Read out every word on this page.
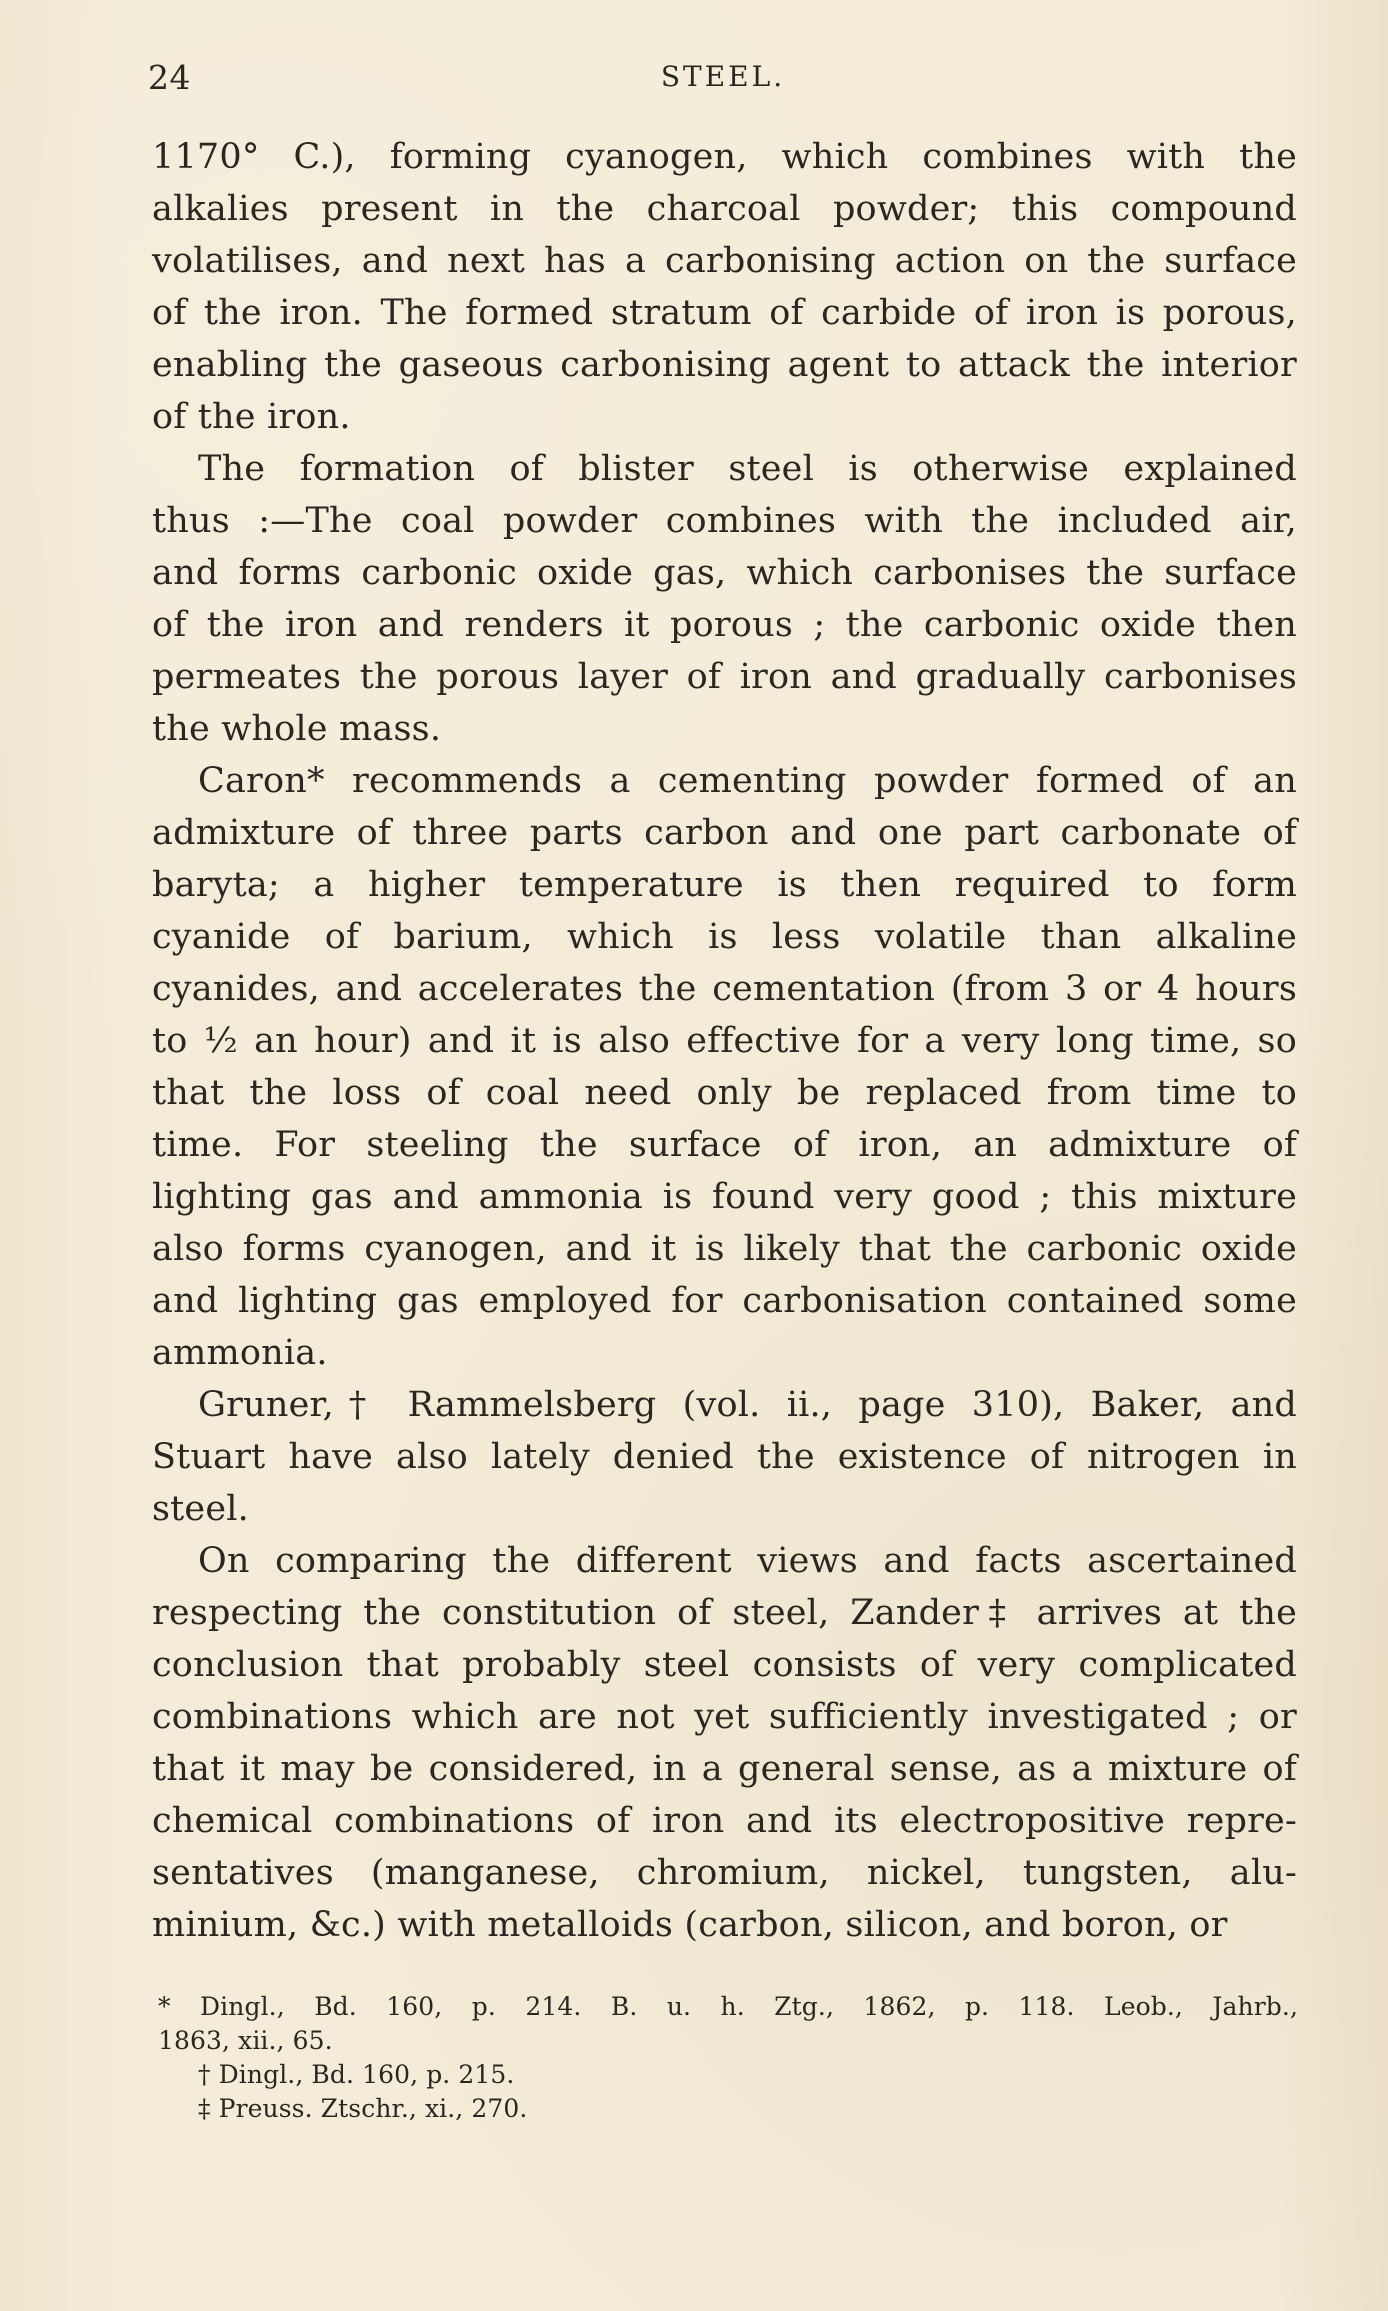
24	STEEL.
1170° C.), forming cyanogen, which combines with the
alkalies present in the charcoal powder; this compound
volatilises, and next has a carbonising action on the surface
of the iron. The formed stratum of carbide of iron is porous,
enabling the gaseous carbonising agent to attack the interior
of the iron.
The formation of blister steel is otherwise explained
thus :—The coal powder combines with the included air,
and forms carbonic oxide gas, which carbonises the surface
of the iron and renders it porous ; the carbonic oxide then
permeates the porous layer of iron and gradually carbonises
the whole mass.
Caron* recommends a cementing powder formed of an
admixture of three parts carbon and one part carbonate of
baryta; a higher temperature is then required to form
cyanide of barium, which is less volatile than alkaline
cyanides, and accelerates the cementation (from 3 or 4 hours
to ½ an hour) and it is also effective for a very long time, so
that the loss of coal need only be replaced from time to
time. For steeling the surface of iron, an admixture of
lighting gas and ammonia is found very good ; this mixture
also forms cyanogen, and it is likely that the carbonic oxide
and lighting gas employed for carbonisation contained some
ammonia.
Gruner,† Rammelsberg (vol. ii., page 310), Baker, and
Stuart have also lately denied the existence of nitrogen in
steel.
On comparing the different views and facts ascertained
respecting the constitution of steel, Zander‡ arrives at the
conclusion that probably steel consists of very complicated
combinations which are not yet sufficiently investigated ; or
that it may be considered, in a general sense, as a mixture of
chemical combinations of iron and its electropositive repre-
sentatives (manganese, chromium, nickel, tungsten, alu-
minium, &c.) with metalloids (carbon, silicon, and boron, or
* Dingl., Bd. 160, p. 214. B. u. h. Ztg., 1862, p. 118. Leob., Jahrb.,
1863, xii., 65.
† Dingl., Bd. 160, p. 215.
‡ Preuss. Ztschr., xi., 270.
